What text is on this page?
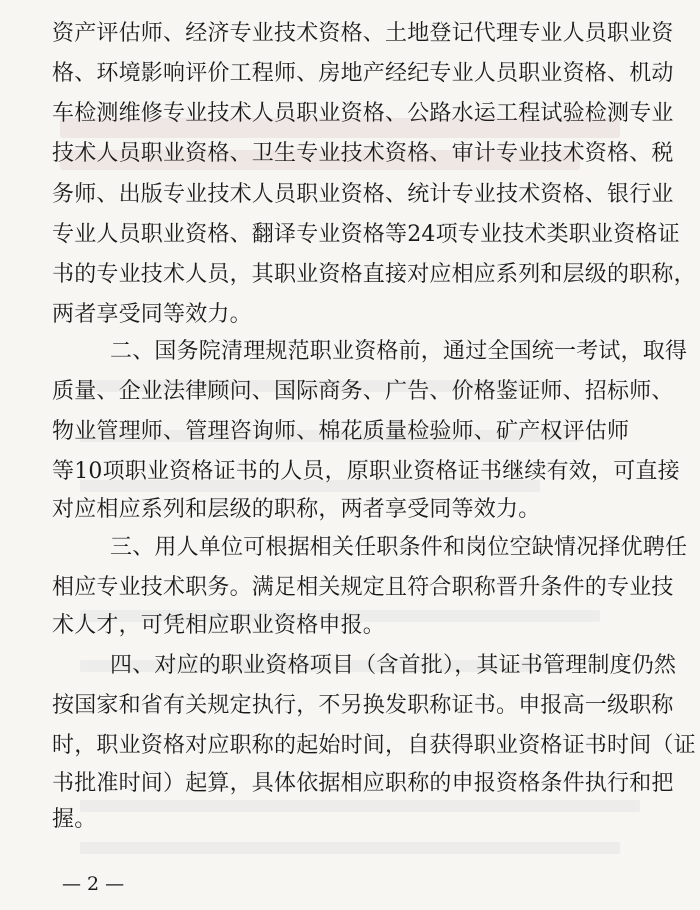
资产评估师、经济专业技术资格、土地登记代理专业人员职业资
格、环境影响评价工程师、房地产经纪专业人员职业资格、机动
车检测维修专业技术人员职业资格、公路水运工程试验检测专业
技术人员职业资格、卫生专业技术资格、审计专业技术资格、税
务师、出版专业技术人员职业资格、统计专业技术资格、银行业
专业人员职业资格、翻译专业资格等24项专业技术类职业资格证
书的专业技术人员，其职业资格直接对应相应系列和层级的职称，
两者享受同等效力。
二、国务院清理规范职业资格前，通过全国统一考试，取得
质量、企业法律顾问、国际商务、广告、价格鉴证师、招标师、
物业管理师、管理咨询师、棉花质量检验师、矿产权评估师
等10项职业资格证书的人员，原职业资格证书继续有效，可直接
对应相应系列和层级的职称，两者享受同等效力。
三、用人单位可根据相关任职条件和岗位空缺情况择优聘任
相应专业技术职务。满足相关规定且符合职称晋升条件的专业技
术人才，可凭相应职业资格申报。
四、对应的职业资格项目（含首批），其证书管理制度仍然
按国家和省有关规定执行，不另换发职称证书。申报高一级职称
时，职业资格对应职称的起始时间，自获得职业资格证书时间（证
书批准时间）起算，具体依据相应职称的申报资格条件执行和把
握。
— 2 —
